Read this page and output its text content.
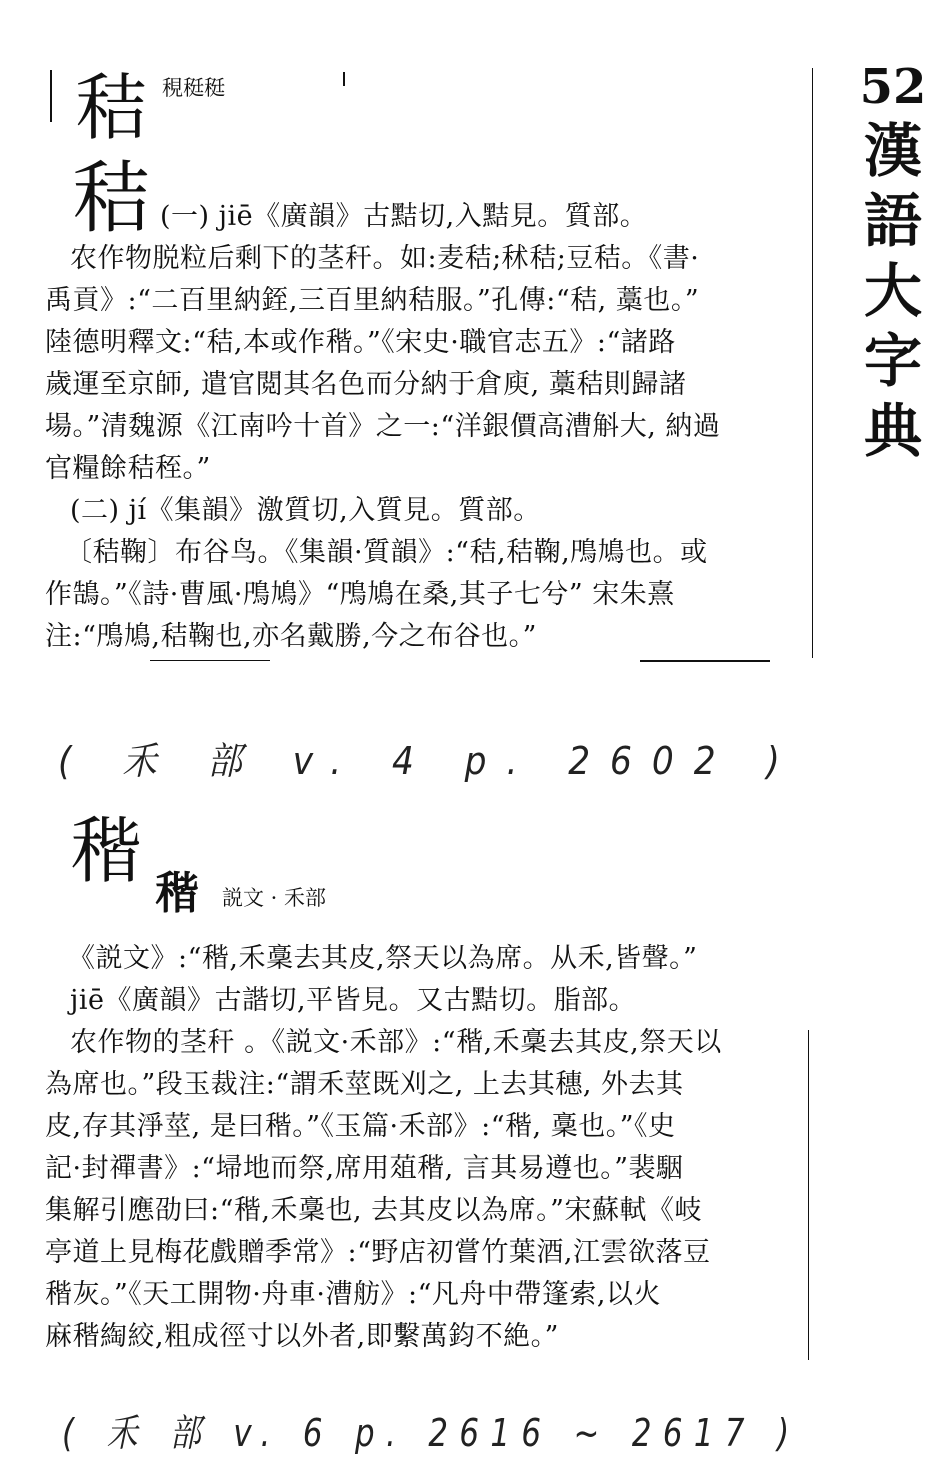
52
漢
語
大
字
典
秸 䅐䅍䅍
秸 (一) jiē《廣韻》古黠切,入黠見。質部。
农作物脱粒后剩下的茎秆。如:麦秸;秫秸;豆秸。《書·
禹貢》:“二百里納銍,三百里納秸服。”孔傳:“秸, 藁也。”
陸德明釋文:“秸,本或作稭。”《宋史·職官志五》:“諸路
歲運至京師, 遣官閲其名色而分納于倉庾, 藁秸則歸諸
場。”清魏源《江南吟十首》之一:“洋銀價高漕斛大, 納過
官糧餘秸秷。”
(二) jí《集韻》激質切,入質見。質部。
〔秸鞠〕布谷鸟。《集韻·質韻》:“秸,秸鞠,鳲鳩也。或
作鵠。”《詩·曹風·鳲鳩》“鳲鳩在桑,其子七兮” 宋朱熹
注:“鳲鳩,秸鞠也,亦名戴勝,今之布谷也。”
( 禾 部 v. 4 p. 2602 )
稭
稭 説文 · 禾部
《説文》:“稭,禾稾去其皮,祭天以為席。从禾,皆聲。”
jiē《廣韻》古諧切,平皆見。又古黠切。脂部。
农作物的茎秆 。《説文·禾部》:“稭,禾稾去其皮,祭天以
為席也。”段玉裁注:“謂禾莖既刈之, 上去其穗, 外去其
皮,存其淨莖, 是曰稭。”《玉篇·禾部》:“稭, 稾也。”《史
記·封禪書》:“埽地而祭,席用葅稭, 言其易遵也。”裴駰
集解引應劭曰:“稭,禾稾也, 去其皮以為席。”宋蘇軾《岐
亭道上見梅花戲贈季常》:“野店初嘗竹葉酒,江雲欲落豆
稭灰。”《天工開物·舟車·漕舫》:“凡舟中帶篷索,以火
麻稭綯絞,粗成徑寸以外者,即繫萬鈞不絶。”
( 禾 部 v. 6 p. 2616 ~ 2617 )
